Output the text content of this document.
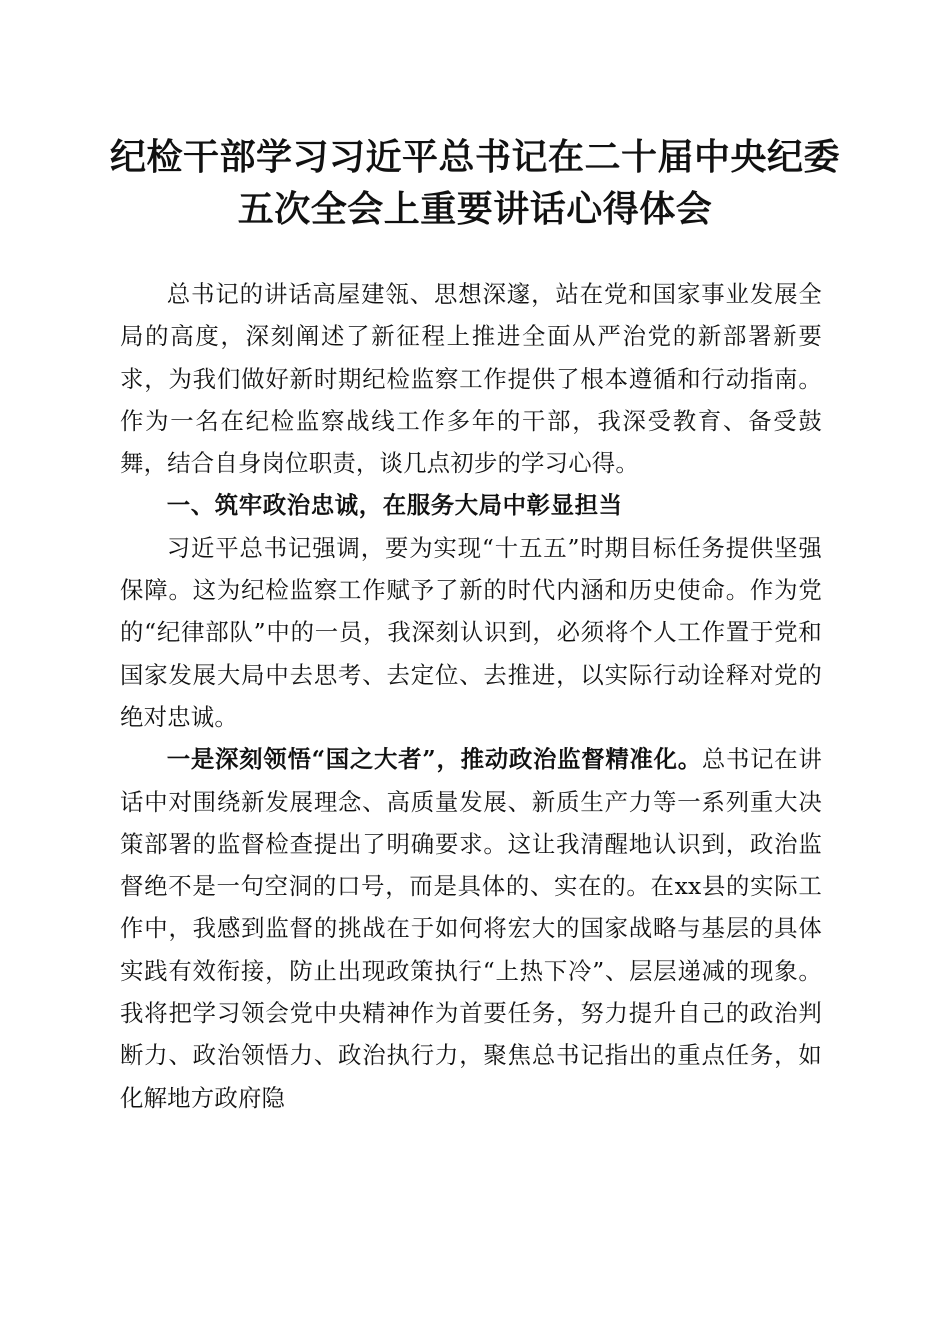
纪检干部学习习近平总书记在二十届中央纪委
五次全会上重要讲话心得体会

总书记的讲话高屋建瓴、思想深邃，站在党和国家事业发展全局的高度，深刻阐述了新征程上推进全面从严治党的新部署新要求，为我们做好新时期纪检监察工作提供了根本遵循和行动指南。作为一名在纪检监察战线工作多年的干部，我深受教育、备受鼓舞，结合自身岗位职责，谈几点初步的学习心得。

一、筑牢政治忠诚，在服务大局中彰显担当

习近平总书记强调，要为实现“十五五”时期目标任务提供坚强保障。这为纪检监察工作赋予了新的时代内涵和历史使命。作为党的“纪律部队”中的一员，我深刻认识到，必须将个人工作置于党和国家发展大局中去思考、去定位、去推进，以实际行动诠释对党的绝对忠诚。

一是深刻领悟“国之大者”，推动政治监督精准化。总书记在讲话中对围绕新发展理念、高质量发展、新质生产力等一系列重大决策部署的监督检查提出了明确要求。这让我清醒地认识到，政治监督绝不是一句空洞的口号，而是具体的、实在的。在xx县的实际工作中，我感到监督的挑战在于如何将宏大的国家战略与基层的具体实践有效衔接，防止出现政策执行“上热下冷”、层层递减的现象。我将把学习领会党中央精神作为首要任务，努力提升自己的政治判断力、政治领悟力、政治执行力，聚焦总书记指出的重点任务，如化解地方政府隐
